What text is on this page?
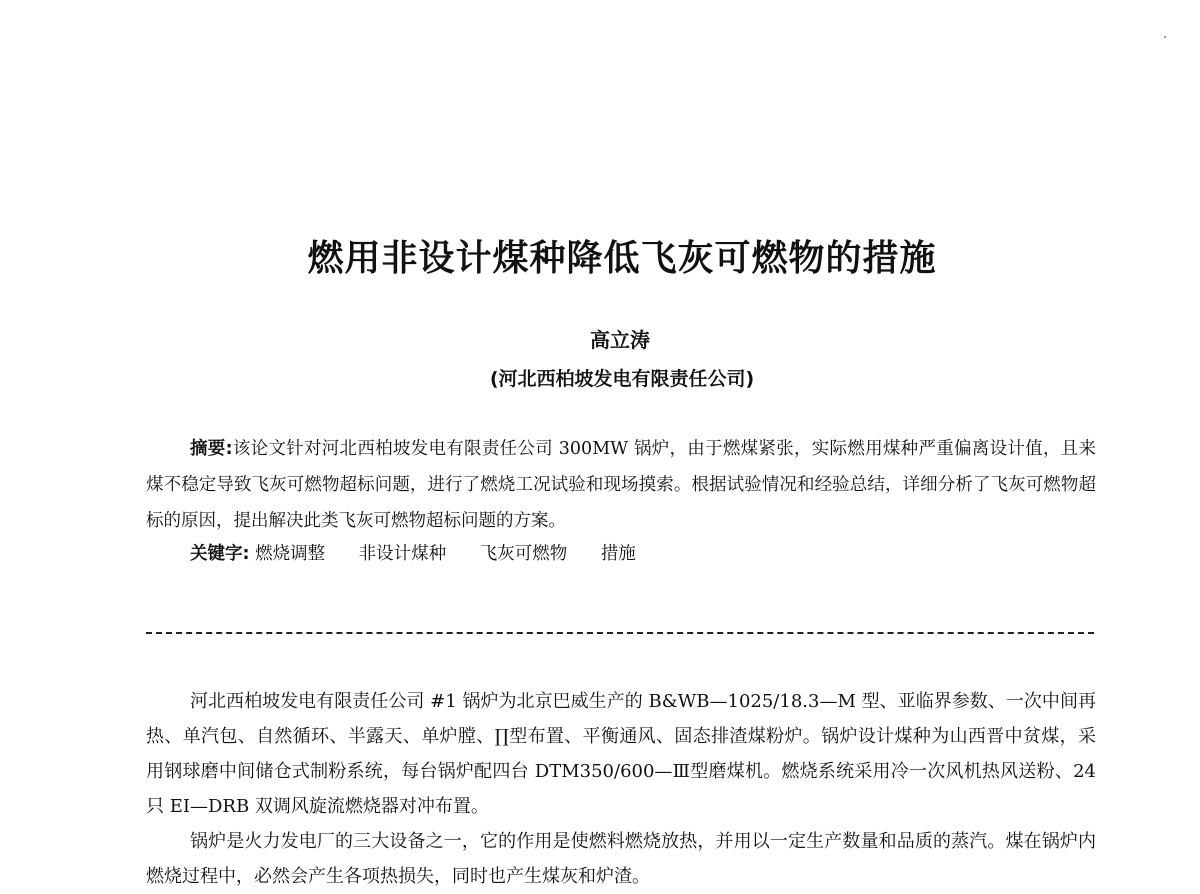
燃用非设计煤种降低飞灰可燃物的措施
高立涛
(河北西柏坡发电有限责任公司)

摘要:该论文针对河北西柏坡发电有限责任公司 300MW 锅炉，由于燃煤紧张，实际燃用煤种严重偏离设计值，且来煤不稳定导致飞灰可燃物超标问题，进行了燃烧工况试验和现场摸索。根据试验情况和经验总结，详细分析了飞灰可燃物超标的原因，提出解决此类飞灰可燃物超标问题的方案。

关键字: 燃烧调整 非设计煤种 飞灰可燃物 措施

河北西柏坡发电有限责任公司 #1 锅炉为北京巴威生产的 B&WB—1025/18.3—M 型、亚临界参数、一次中间再热、单汽包、自然循环、半露天、单炉膛、∏型布置、平衡通风、固态排渣煤粉炉。锅炉设计煤种为山西晋中贫煤，采用钢球磨中间储仓式制粉系统，每台锅炉配四台 DTM350/600—Ⅲ型磨煤机。燃烧系统采用冷一次风机热风送粉、24 只 EI—DRB 双调风旋流燃烧器对冲布置。

锅炉是火力发电厂的三大设备之一，它的作用是使燃料燃烧放热，并用以一定生产数量和品质的蒸汽。煤在锅炉内燃烧过程中，必然会产生各项热损失，同时也产生煤灰和炉渣。
